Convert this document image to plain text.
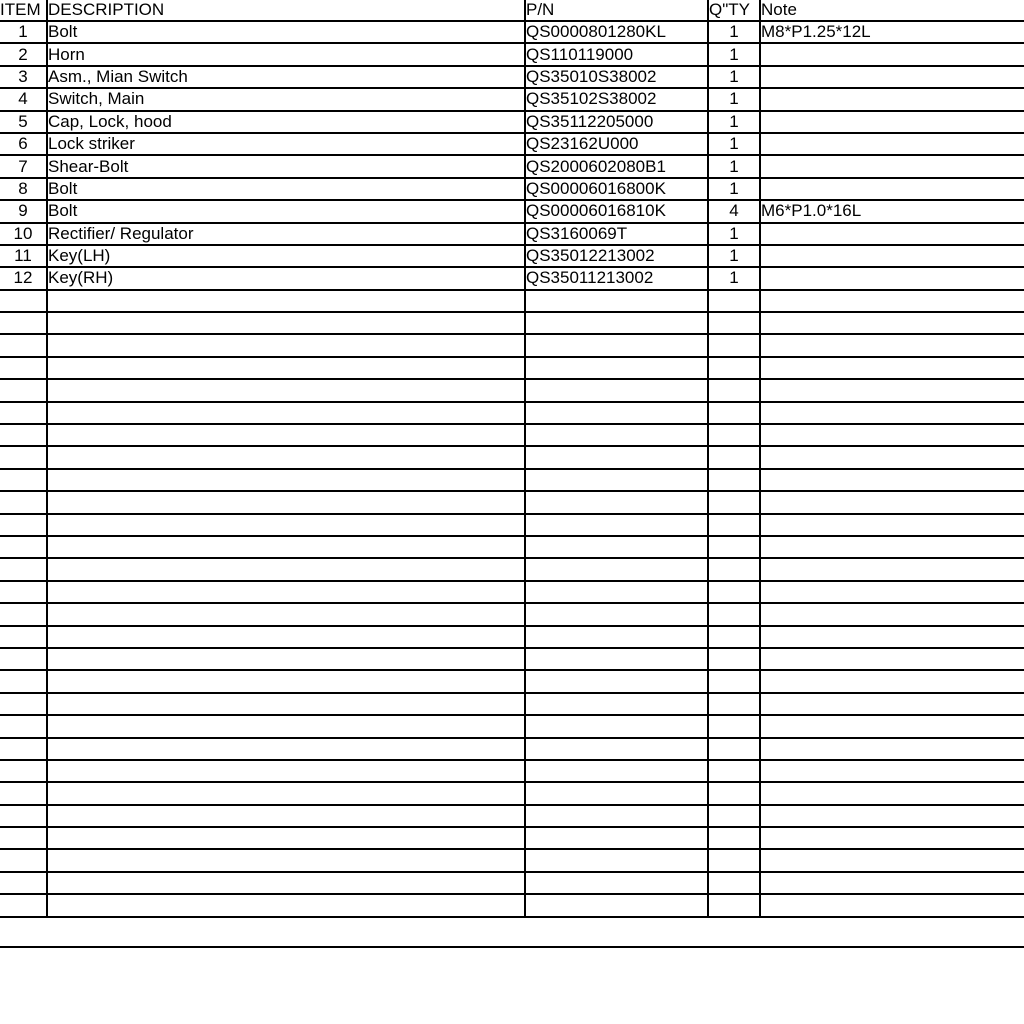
ITEM	DESCRIPTION	P/N	Q"TY	Note
1	Bolt	QS0000801280KL	1	M8*P1.25*12L
2	Horn	QS110119000	1	
3	Asm., Mian Switch	QS35010S38002	1	
4	Switch, Main	QS35102S38002	1	
5	Cap, Lock, hood	QS35112205000	1	
6	Lock striker	QS23162U000	1	
7	Shear-Bolt	QS2000602080B1	1	
8	Bolt	QS00006016800K	1	
9	Bolt	QS00006016810K	4	M6*P1.0*16L
10	Rectifier/ Regulator	QS3160069T	1	
11	Key(LH)	QS35012213002	1	
12	Key(RH)	QS35011213002	1	
